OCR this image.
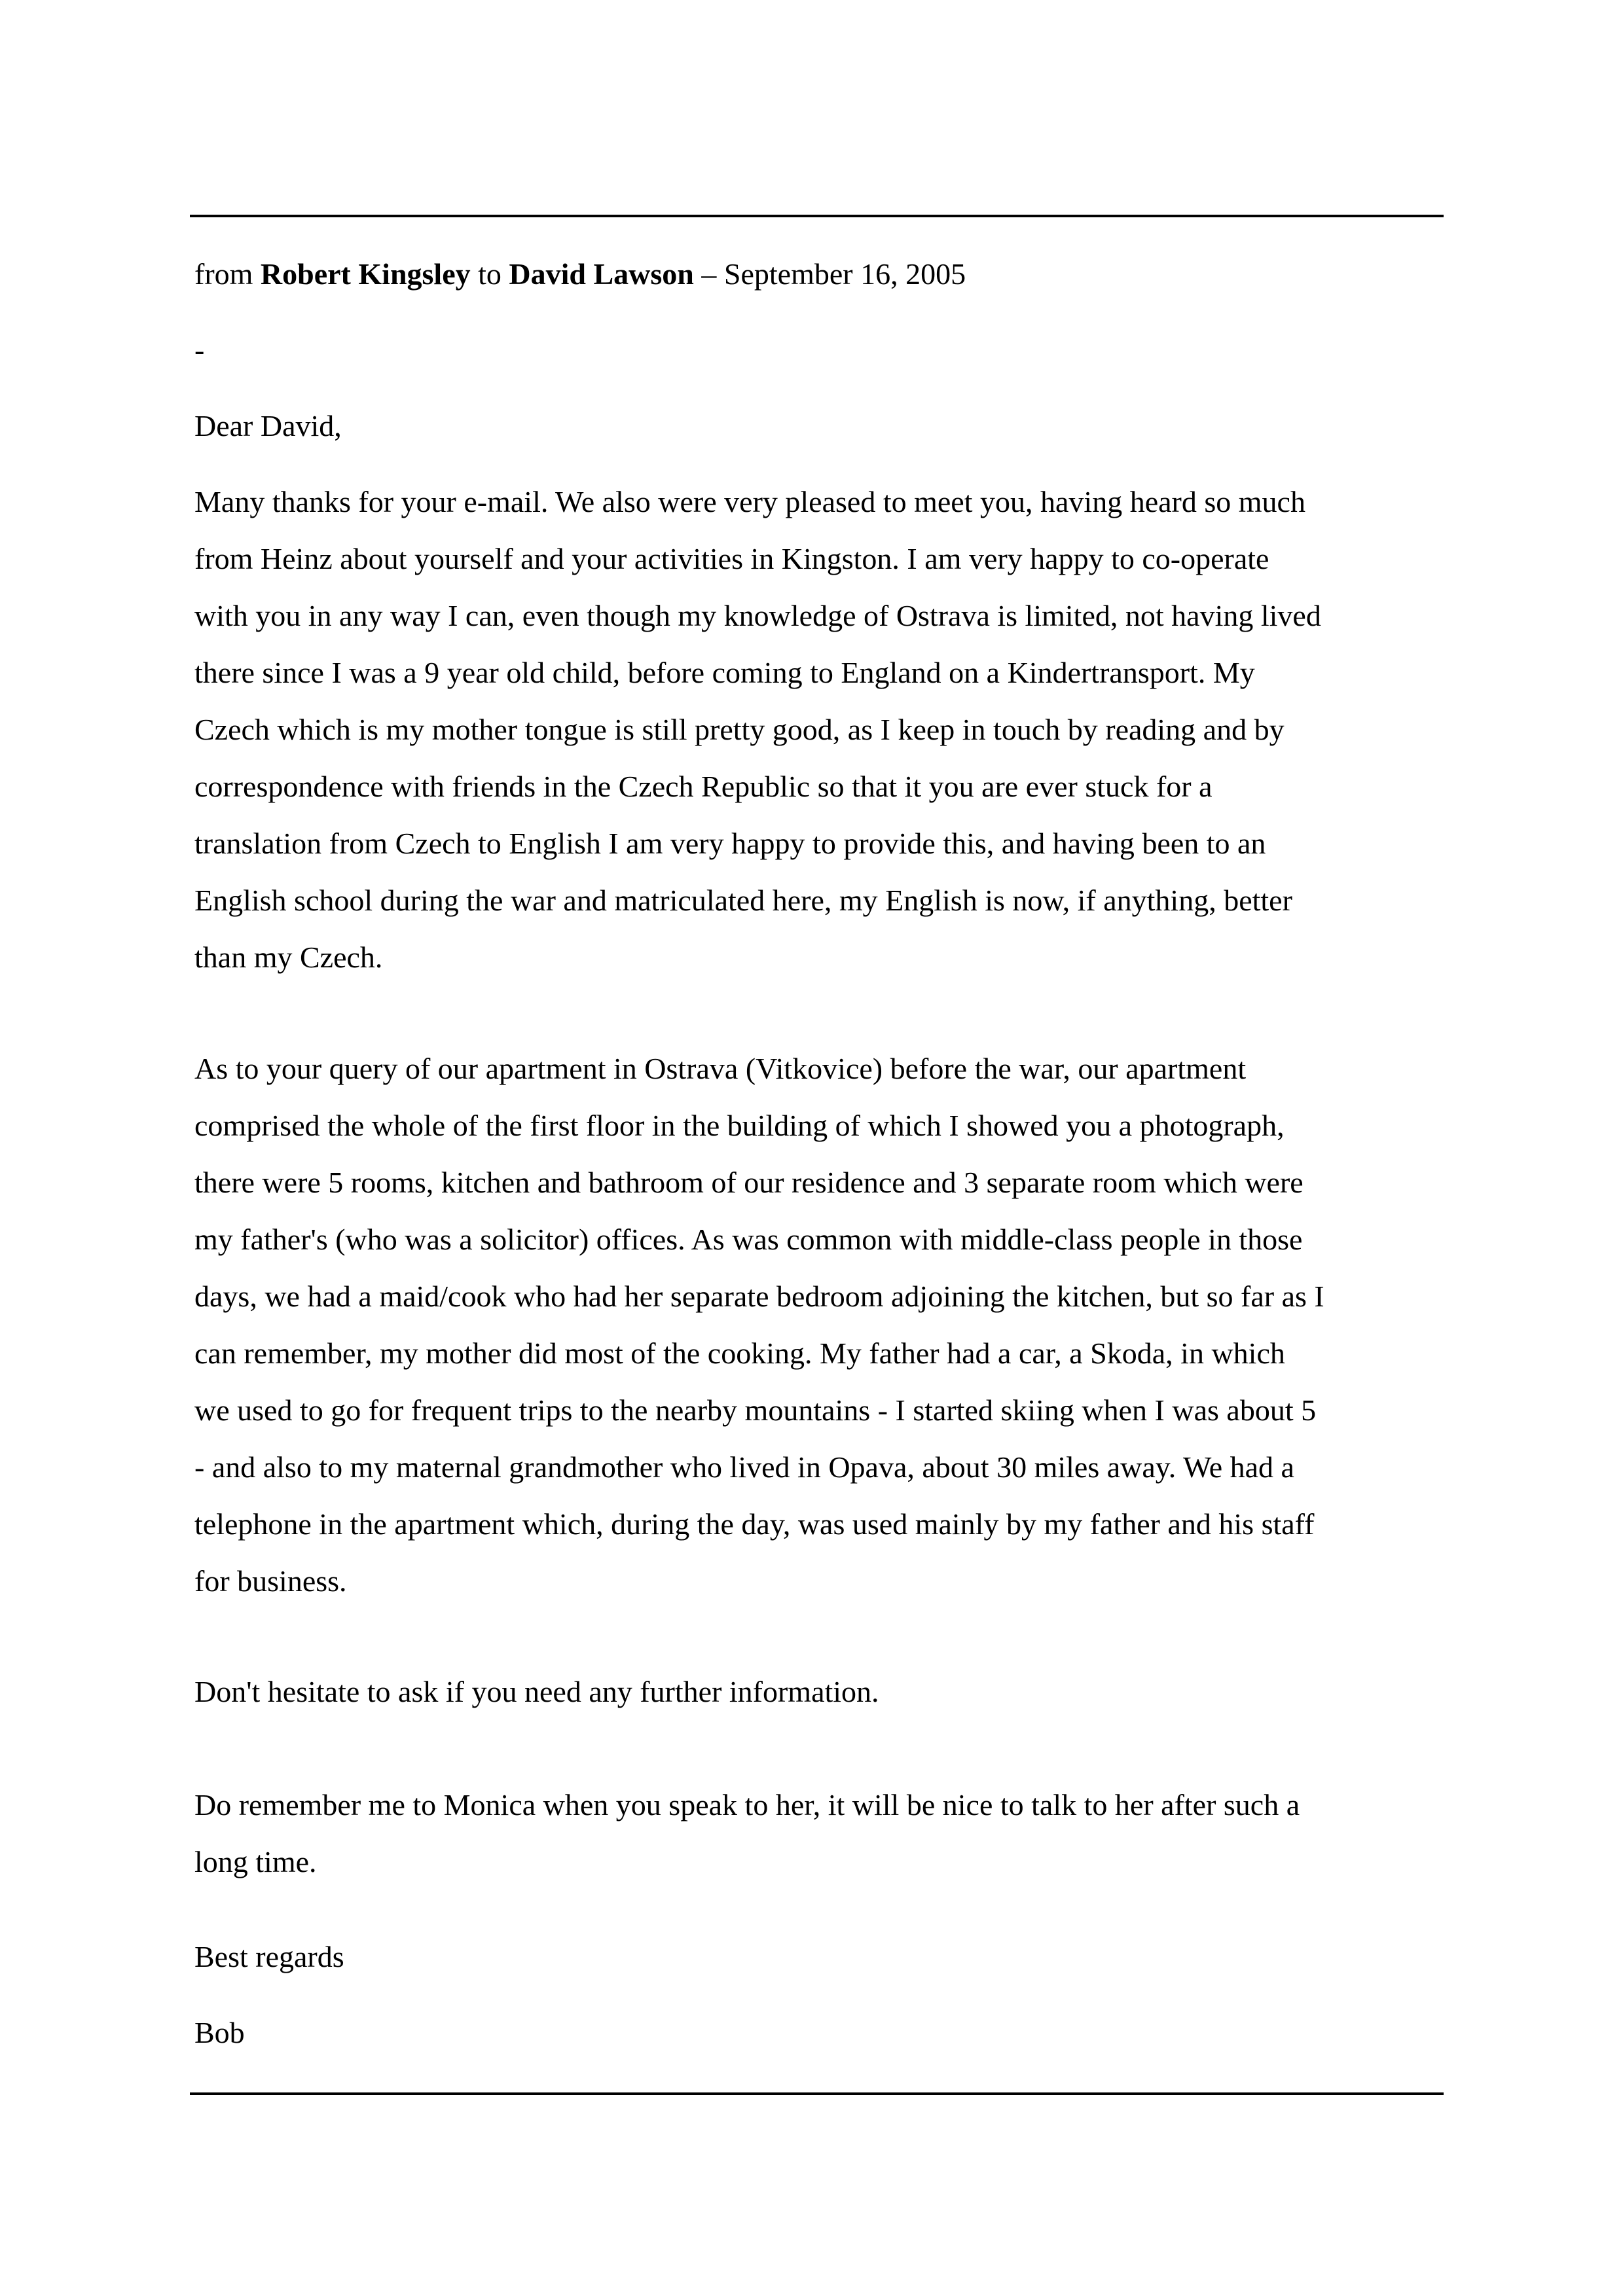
from Robert Kingsley to David Lawson – September 16, 2005

-

Dear David,

Many thanks for your e-mail. We also were very pleased to meet you, having heard so much
from Heinz about yourself and your activities in Kingston. I am very happy to co-operate
with you in any way I can, even though my knowledge of Ostrava is limited, not having lived
there since I was a 9 year old child, before coming to England on a Kindertransport. My
Czech which is my mother tongue is still pretty good, as I keep in touch by reading and by
correspondence with friends in the Czech Republic so that it you are ever stuck for a
translation from Czech to English I am very happy to provide this, and having been to an
English school during the war and matriculated here, my English is now, if anything, better
than my Czech.
As to your query of our apartment in Ostrava (Vitkovice) before the war, our apartment
comprised the whole of the first floor in the building of which I showed you a photograph,
there were 5 rooms, kitchen and bathroom of our residence and 3 separate room which were
my father's (who was a solicitor) offices. As was common with middle-class people in those
days, we had a maid/cook who had her separate bedroom adjoining the kitchen, but so far as I
can remember, my mother did most of the cooking. My father had a car, a Skoda, in which
we used to go for frequent trips to the nearby mountains - I started skiing when I was about 5
- and also to my maternal grandmother who lived in Opava, about 30 miles away. We had a
telephone in the apartment which, during the day, was used mainly by my father and his staff
for business.
Don't hesitate to ask if you need any further information.
Do remember me to Monica when you speak to her, it will be nice to talk to her after such a
long time.

Best regards

Bob
